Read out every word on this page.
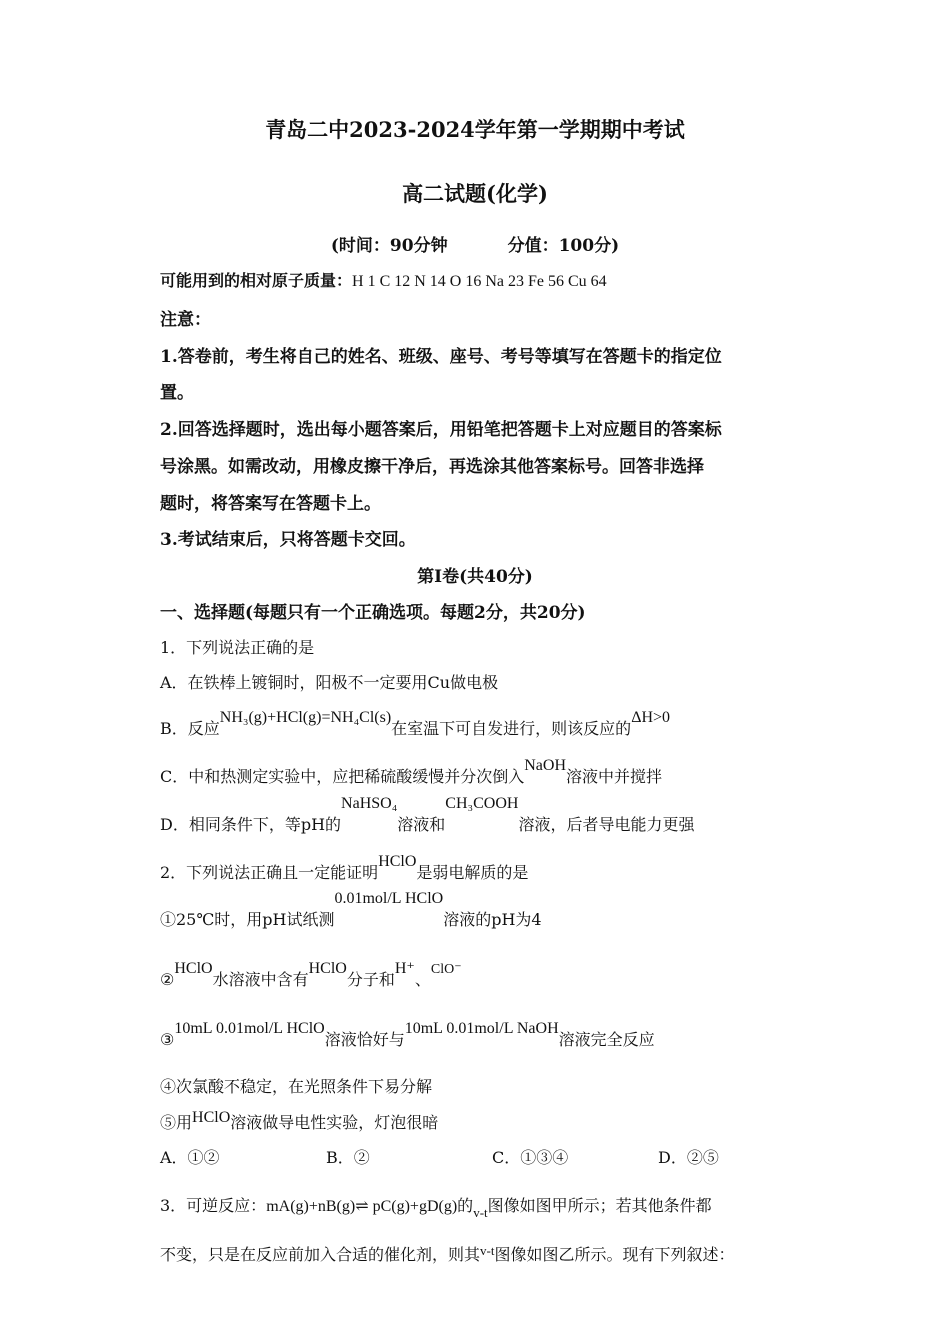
青岛二中2023-2024学年第一学期期中考试
高二试题(化学)
(时间：90分钟	分值：100分)
可能用到的相对原子质量：H 1 C 12 N 14 O 16 Na 23 Fe 56 Cu 64
注意：
1.答卷前，考生将自己的姓名、班级、座号、考号等填写在答题卡的指定位
置。
2.回答选择题时，选出每小题答案后，用铅笔把答题卡上对应题目的答案标
号涂黑。如需改动，用橡皮擦干净后，再选涂其他答案标号。回答非选择
题时，将答案写在答题卡上。
3.考试结束后，只将答题卡交回。
第Ⅰ卷(共40分)
一、选择题(每题只有一个正确选项。每题2分，共20分)
1．下列说法正确的是
A．在铁棒上镀铜时，阳极不一定要用Cu做电极
B．反应NH₃(g)+HCl(g)=NH₄Cl(s)在室温下可自发进行，则该反应的ΔH>0
C．中和热测定实验中，应把稀硫酸缓慢并分次倒入NaOH溶液中并搅拌
D．相同条件下，等pH的NaHSO₄溶液和CH₃COOH溶液，后者导电能力更强
2．下列说法正确且一定能证明HClO是弱电解质的是
①25℃时，用pH试纸测0.01mol/L HClO溶液的pH为4
②HClO水溶液中含有HClO分子和H⁺、ClO⁻
③10mL 0.01mol/L HClO溶液恰好与10mL 0.01mol/L NaOH溶液完全反应
④次氯酸不稳定，在光照条件下易分解
⑤用HClO溶液做导电性实验，灯泡很暗
A．①②	B．②	C．①③④	D．②⑤
3．可逆反应：mA(g)+nB(g)⇌ pC(g)+gD(g)的$_{v-t}$图像如图甲所示；若其他条件都
不变，只是在反应前加入合适的催化剂，则其$^{v-t}$图像如图乙所示。现有下列叙述：
